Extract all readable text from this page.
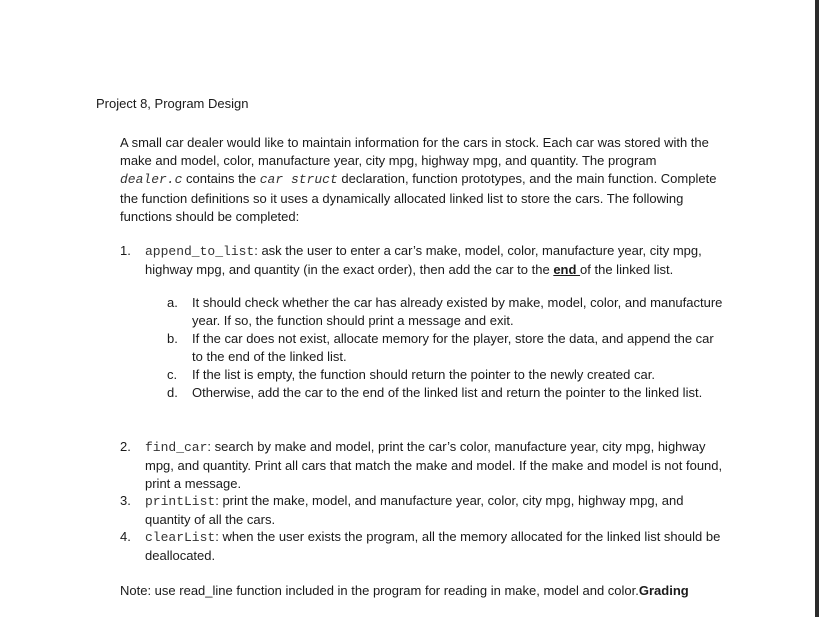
Project 8, Program Design
A small car dealer would like to maintain information for the cars in stock. Each car was stored with the make and model, color, manufacture year, city mpg, highway mpg, and quantity. The program dealer.c contains the car struct declaration, function prototypes, and the main function. Complete the function definitions so it uses a dynamically allocated linked list to store the cars. The following functions should be completed:
1. append_to_list: ask the user to enter a car’s make, model, color, manufacture year, city mpg, highway mpg, and quantity (in the exact order), then add the car to the end of the linked list.
a. It should check whether the car has already existed by make, model, color, and manufacture year. If so, the function should print a message and exit.
b. If the car does not exist, allocate memory for the player, store the data, and append the car to the end of the linked list.
c. If the list is empty, the function should return the pointer to the newly created car.
d. Otherwise, add the car to the end of the linked list and return the pointer to the linked list.
2. find_car: search by make and model, print the car’s color, manufacture year, city mpg, highway mpg, and quantity. Print all cars that match the make and model. If the make and model is not found, print a message.
3. printList: print the make, model, and manufacture year, color, city mpg, highway mpg, and quantity of all the cars.
4. clearList: when the user exists the program, all the memory allocated for the linked list should be deallocated.
Note: use read_line function included in the program for reading in make, model and color.Grading
